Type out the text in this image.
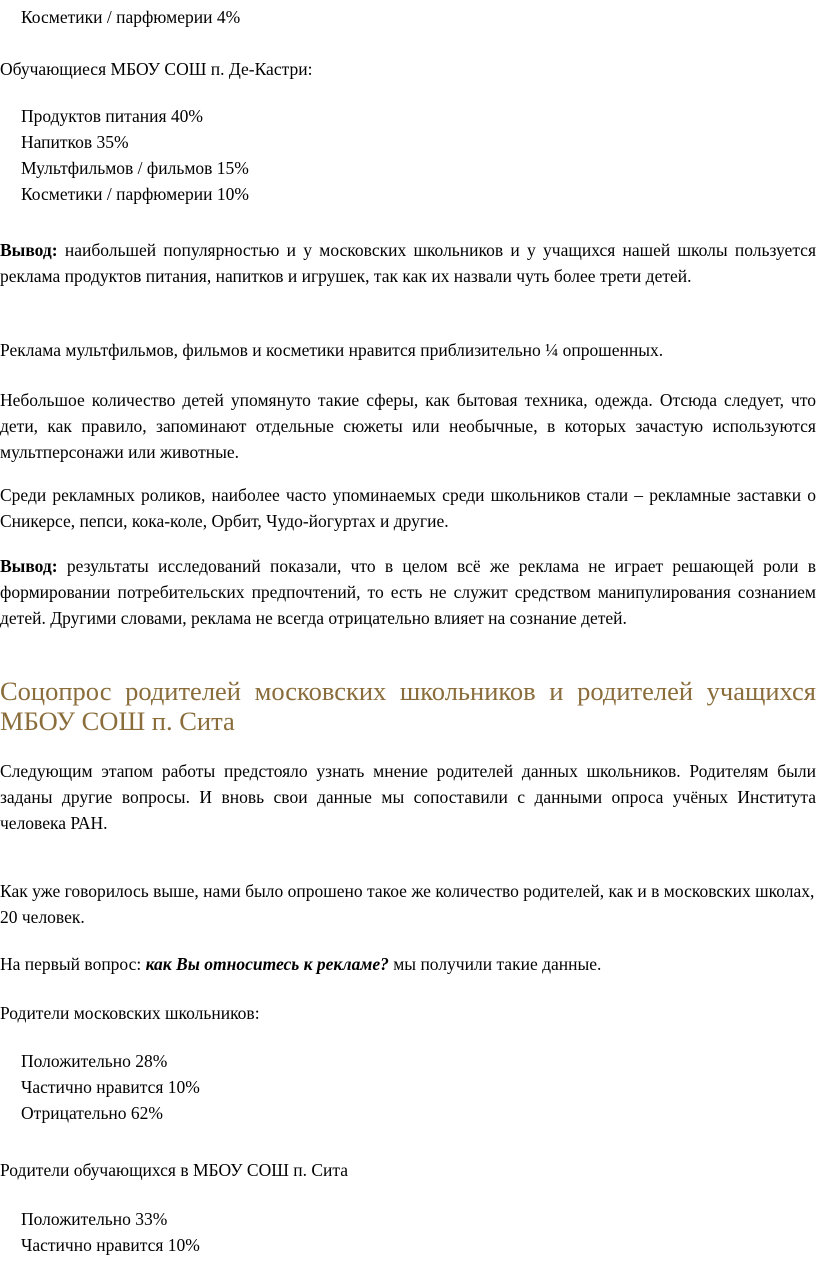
Косметики / парфюмерии 4%

Обучающиеся МБОУ СОШ п. Де-Кастри:

Продуктов питания 40%
Напитков 35%
Мультфильмов / фильмов 15%
Косметики / парфюмерии 10%

Вывод: наибольшей популярностью и у московских школьников и у учащихся нашей школы пользуется реклама продуктов питания, напитков и игрушек, так как их назвали чуть более трети детей.

Реклама мультфильмов, фильмов и косметики нравится приблизительно ¼ опрошенных.

Небольшое количество детей упомянуто такие сферы, как бытовая техника, одежда. Отсюда следует, что дети, как правило, запоминают отдельные сюжеты или необычные, в которых зачастую используются мультперсонажи или животные.

Среди рекламных роликов, наиболее часто упоминаемых среди школьников стали – рекламные заставки о Сникерсе, пепси, кока-коле, Орбит, Чудо-йогуртах и другие.

Вывод: результаты исследований показали, что в целом всё же реклама не играет решающей роли в формировании потребительских предпочтений, то есть не служит средством манипулирования сознанием детей. Другими словами, реклама не всегда отрицательно влияет на сознание детей.

Соцопрос родителей московских школьников и родителей учащихся МБОУ СОШ п. Сита

Следующим этапом работы предстояло узнать мнение родителей данных школьников. Родителям были заданы другие вопросы. И вновь свои данные мы сопоставили с данными опроса учёных Института человека РАН.

Как уже говорилось выше, нами было опрошено такое же количество родителей, как и в московских школах, 20 человек.

На первый вопрос: как Вы относитесь к рекламе? мы получили такие данные.

Родители московских школьников:

Положительно 28%
Частично нравится 10%
Отрицательно 62%

Родители обучающихся в МБОУ СОШ п. Сита

Положительно 33%
Частично нравится 10%
